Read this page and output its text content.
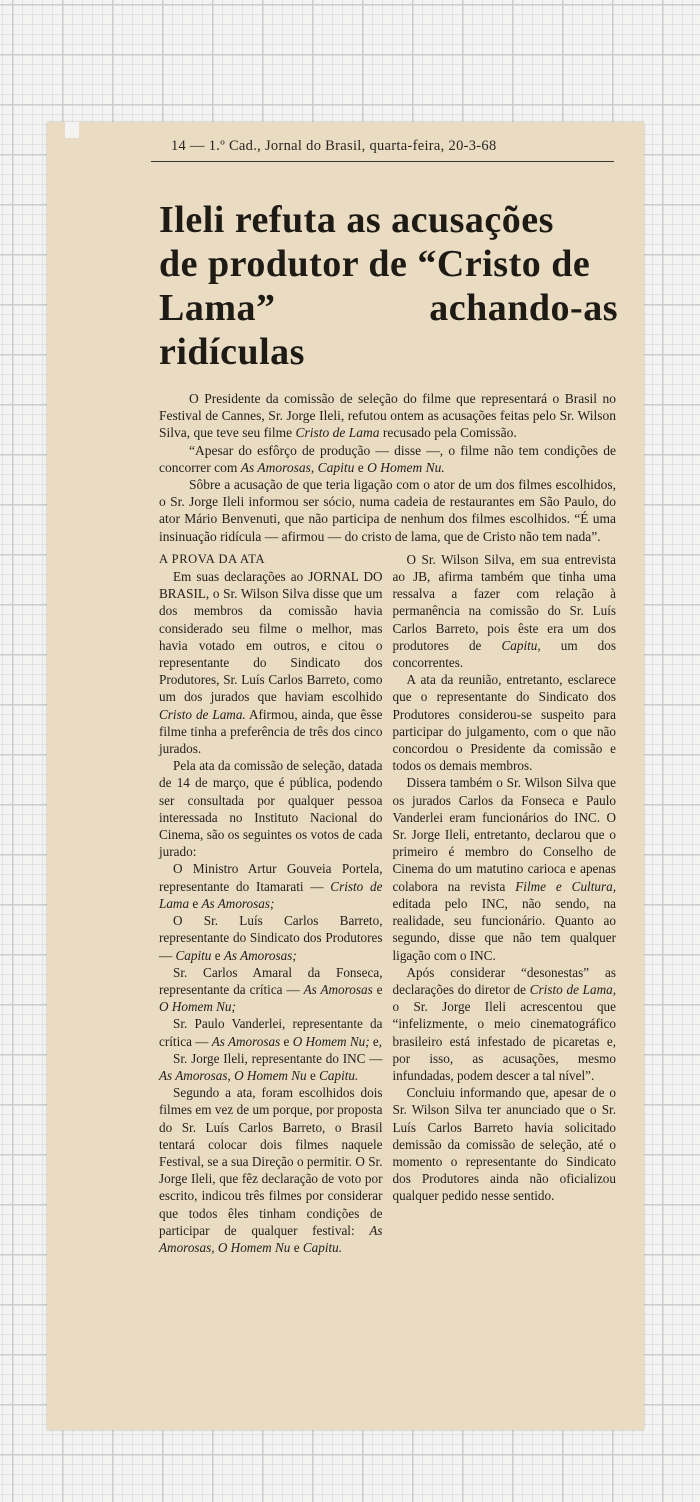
14 — 1.º Cad., Jornal do Brasil, quarta-feira, 20-3-68
Ileli refuta as acusações
de produtor de “Cristo de
Lama” achando-as ridículas

O Presidente da comissão de seleção do filme que representará o Brasil no Festival de Cannes, Sr. Jorge Ileli, refutou ontem as acusações feitas pelo Sr. Wilson Silva, que teve seu filme Cristo de Lama recusado pela Comissão.

“Apesar do esfôrço de produção — disse —, o filme não tem condições de concorrer com As Amorosas, Capitu e O Homem Nu.

Sôbre a acusação de que teria ligação com o ator de um dos filmes escolhidos, o Sr. Jorge Ileli informou ser sócio, numa cadeia de restaurantes em São Paulo, do ator Mário Benvenuti, que não participa de nenhum dos filmes escolhidos. “É uma insinuação ridícula — afirmou — do cristo de lama, que de Cristo não tem nada”.

A PROVA DA ATA

Em suas declarações ao JORNAL DO BRASIL, o Sr. Wilson Silva disse que um dos membros da comissão havia considerado seu filme o melhor, mas havia votado em outros, e citou o representante do Sindicato dos Produtores, Sr. Luís Carlos Barreto, como um dos jurados que haviam escolhido Cristo de Lama. Afirmou, ainda, que êsse filme tinha a preferência de três dos cinco jurados.

Pela ata da comissão de seleção, datada de 14 de março, que é pública, podendo ser consultada por qualquer pessoa interessada no Instituto Nacional do Cinema, são os seguintes os votos de cada jurado:

O Ministro Artur Gouveia Portela, representante do Itamarati — Cristo de Lama e As Amorosas;

O Sr. Luís Carlos Barreto, representante do Sindicato dos Produtores — Capitu e As Amorosas;

Sr. Carlos Amaral da Fonseca, representante da crítica — As Amorosas e O Homem Nu;

Sr. Paulo Vanderlei, representante da crítica — As Amorosas e O Homem Nu; e,

Sr. Jorge Ileli, representante do INC — As Amorosas, O Homem Nu e Capitu.

Segundo a ata, foram escolhidos dois filmes em vez de um porque, por proposta do Sr. Luís Carlos Barreto, o Brasil tentará colocar dois filmes naquele Festival, se a sua Direção o permitir. O Sr. Jorge Ileli, que fêz declaração de voto por escrito, indicou três filmes por considerar que todos êles tinham condições de participar de qualquer festival: As Amorosas, O Homem Nu e Capitu.

O Sr. Wilson Silva, em sua entrevista ao JB, afirma também que tinha uma ressalva a fazer com relação à permanência na comissão do Sr. Luís Carlos Barreto, pois êste era um dos produtores de Capitu, um dos concorrentes.

A ata da reunião, entretanto, esclarece que o representante do Sindicato dos Produtores considerou-se suspeito para participar do julgamento, com o que não concordou o Presidente da comissão e todos os demais membros.

Dissera também o Sr. Wilson Silva que os jurados Carlos da Fonseca e Paulo Vanderlei eram funcionários do INC. O Sr. Jorge Ileli, entretanto, declarou que o primeiro é membro do Conselho de Cinema do um matutino carioca e apenas colabora na revista Filme e Cultura, editada pelo INC, não sendo, na realidade, seu funcionário. Quanto ao segundo, disse que não tem qualquer ligação com o INC.

Após considerar “desonestas” as declarações do diretor de Cristo de Lama, o Sr. Jorge Ileli acrescentou que “infelizmente, o meio cinematográfico brasileiro está infestado de picaretas e, por isso, as acusações, mesmo infundadas, podem descer a tal nível”.

Concluiu informando que, apesar de o Sr. Wilson Silva ter anunciado que o Sr. Luís Carlos Barreto havia solicitado demissão da comissão de seleção, até o momento o representante do Sindicato dos Produtores ainda não oficializou qualquer pedido nesse sentido.
